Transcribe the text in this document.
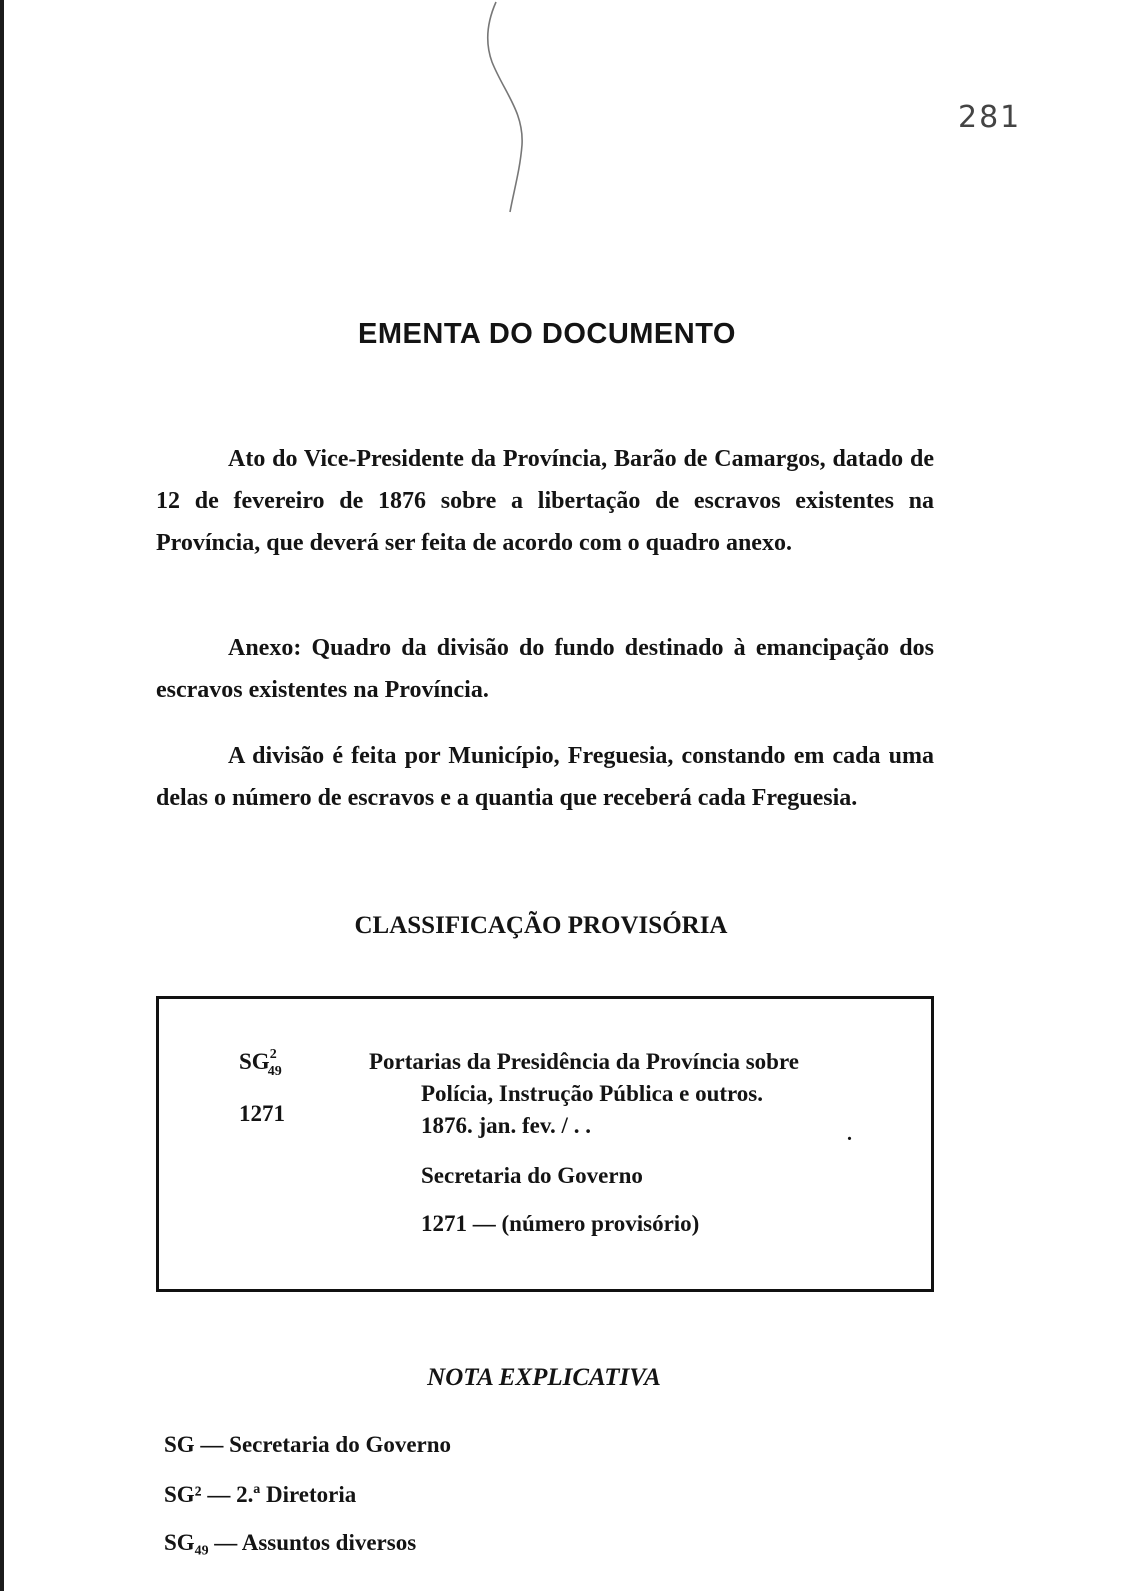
281
EMENTA DO DOCUMENTO

Ato do Vice-Presidente da Província, Barão de Camargos, datado de 12 de fevereiro de 1876 sobre a libertação de escravos existentes na Província, que deverá ser feita de acordo com o quadro anexo.

Anexo: Quadro da divisão do fundo destinado à emancipação dos escravos existentes na Província.

A divisão é feita por Município, Freguesia, constando em cada uma delas o número de escravos e a quantia que receberá cada Freguesia.

CLASSIFICAÇÃO PROVISÓRIA
$SG^2_{49}$
1271
Portarias da Presidência da Província sobre
Polícia, Instrução Pública e outros.
1876. jan. fev. / . .
Secretaria do Governo
1271 — (número provisório)
.
NOTA EXPLICATIVA
SG — Secretaria do Governo
SG² — 2.ª Diretoria
SG₄₉ — Assuntos diversos
